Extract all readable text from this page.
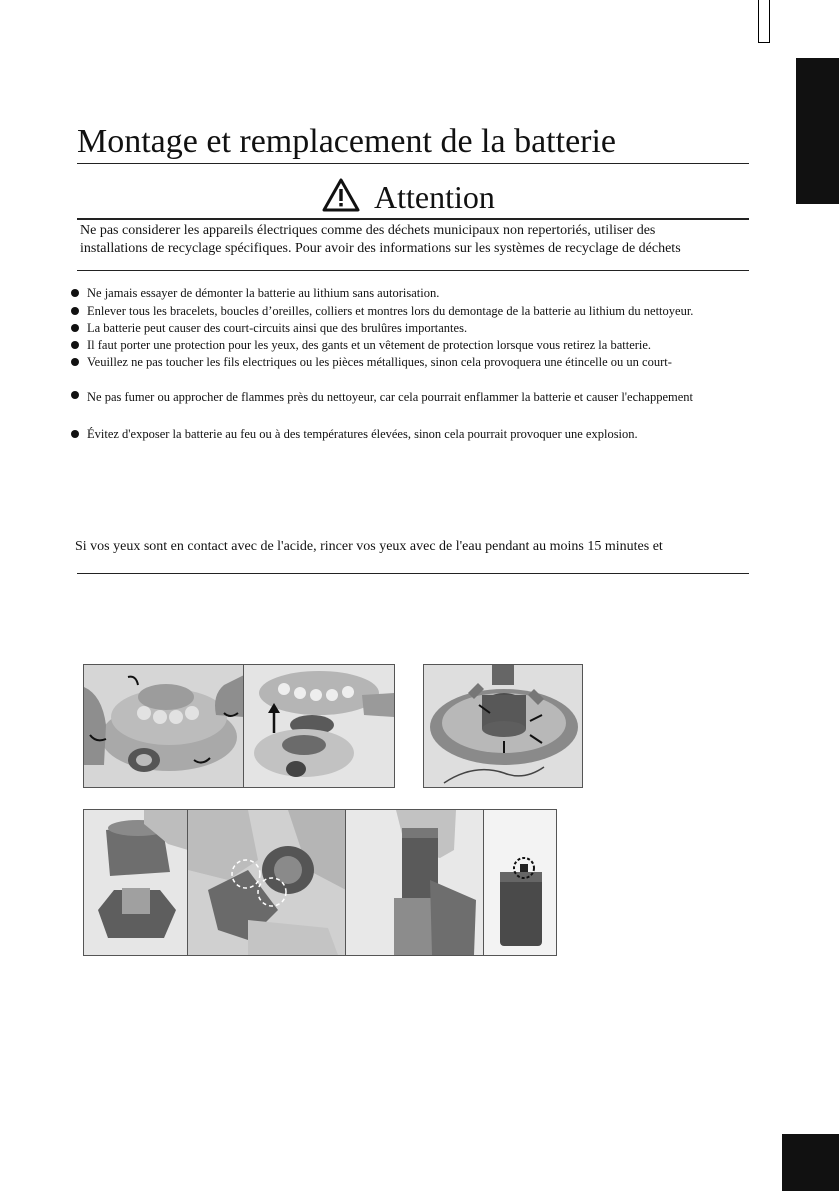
Montage et remplacement de la batterie
Attention
Ne pas considerer les appareils électriques comme des déchets municipaux non repertoriés, utiliser des
installations de recyclage spécifiques. Pour avoir des informations sur les systèmes de recyclage de déchets
Ne jamais essayer de démonter la batterie au lithium sans autorisation.
Enlever tous les bracelets, boucles d’oreilles, colliers et montres lors du demontage de la batterie au lithium du nettoyeur.
La batterie peut causer des court-circuits ainsi que des brulûres importantes.
Il faut porter une protection pour les yeux, des gants et un vêtement de protection lorsque vous retirez la batterie.
Veuillez ne pas toucher les fils electriques ou les pièces métalliques, sinon cela provoquera une étincelle ou un court-
Ne pas fumer ou approcher de flammes près du nettoyeur, car cela pourrait enflammer la batterie et causer l'echappement
Évitez d'exposer la batterie au feu ou à des températures élevées, sinon cela pourrait provoquer une explosion.
Si vos yeux sont en contact avec de l'acide, rincer vos yeux avec de l'eau pendant au moins 15 minutes et
